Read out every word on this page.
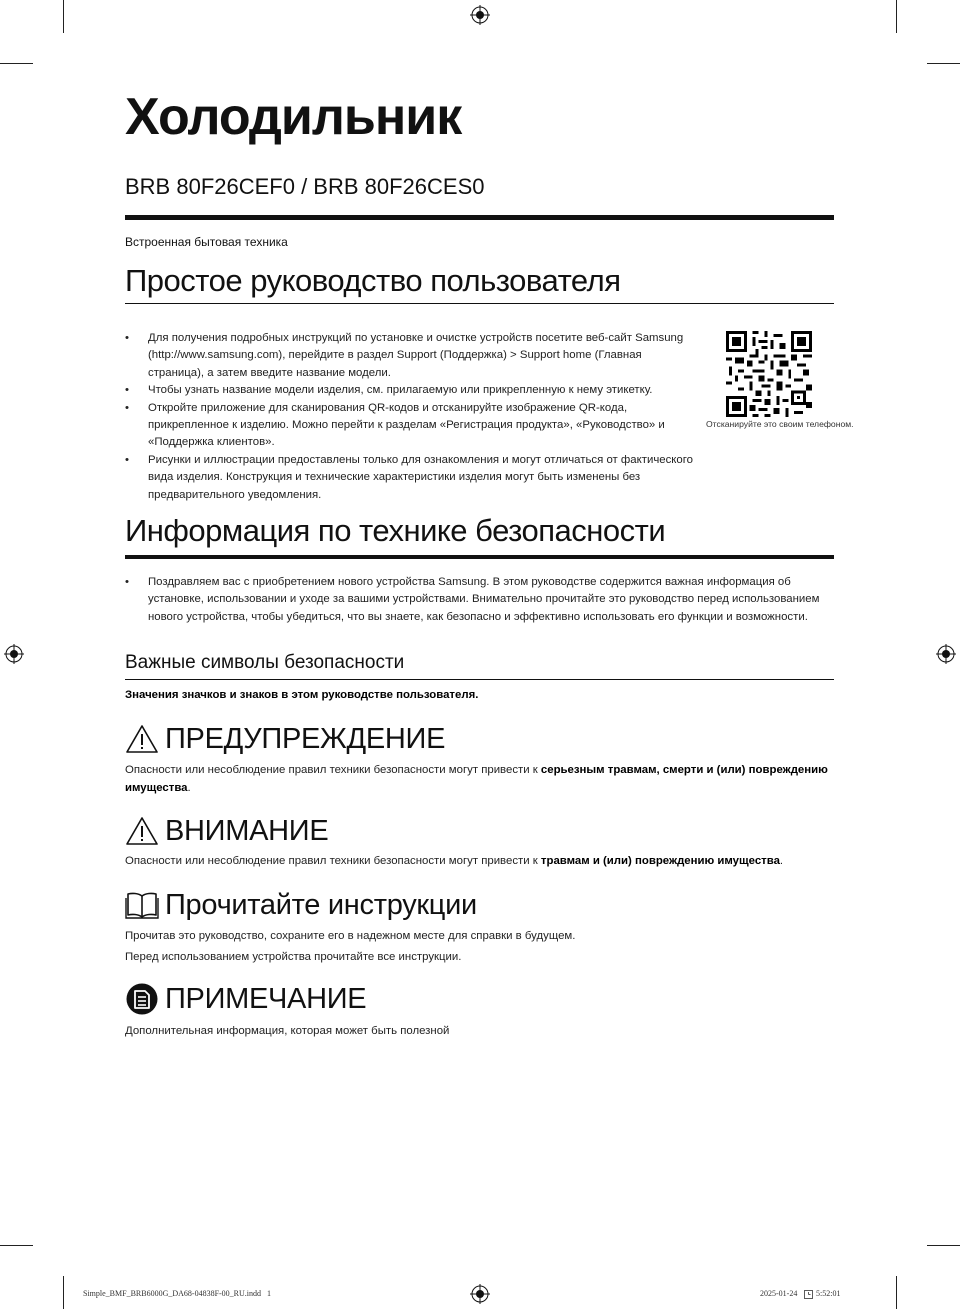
Холодильник
BRB 80F26CEF0 / BRB 80F26CES0
Встроенная бытовая техника
Простое руководство пользователя
• Для получения подробных инструкций по установке и очистке устройств посетите веб-сайт Samsung (http://www.samsung.com), перейдите в раздел Support (Поддержка) > Support home (Главная страница), а затем введите название модели.
• Чтобы узнать название модели изделия, см. прилагаемую или прикрепленную к нему этикетку.
• Откройте приложение для сканирования QR-кодов и отсканируйте изображение QR-кода, прикрепленное к изделию. Можно перейти к разделам «Регистрация продукта», «Руководство» и «Поддержка клиентов».
• Рисунки и иллюстрации предоставлены только для ознакомления и могут отличаться от фактического вида изделия. Конструкция и технические характеристики изделия могут быть изменены без предварительного уведомления.
Отсканируйте это своим телефоном.
Информация по технике безопасности
• Поздравляем вас с приобретением нового устройства Samsung. В этом руководстве содержится важная информация об установке, использовании и уходе за вашими устройствами. Внимательно прочитайте это руководство перед использованием нового устройства, чтобы убедиться, что вы знаете, как безопасно и эффективно использовать его функции и возможности.
Важные символы безопасности
Значения значков и знаков в этом руководстве пользователя.
ПРЕДУПРЕЖДЕНИЕ
Опасности или несоблюдение правил техники безопасности могут привести к серьезным травмам, смерти и (или) повреждению имущества.
ВНИМАНИЕ
Опасности или несоблюдение правил техники безопасности могут привести к травмам и (или) повреждению имущества.
Прочитайте инструкции
Прочитав это руководство, сохраните его в надежном месте для справки в будущем.
Перед использованием устройства прочитайте все инструкции.
ПРИМЕЧАНИЕ
Дополнительная информация, которая может быть полезной
Simple_BMF_BRB6000G_DA68-04838F-00_RU.indd   1	2025-01-24 5:52:01
